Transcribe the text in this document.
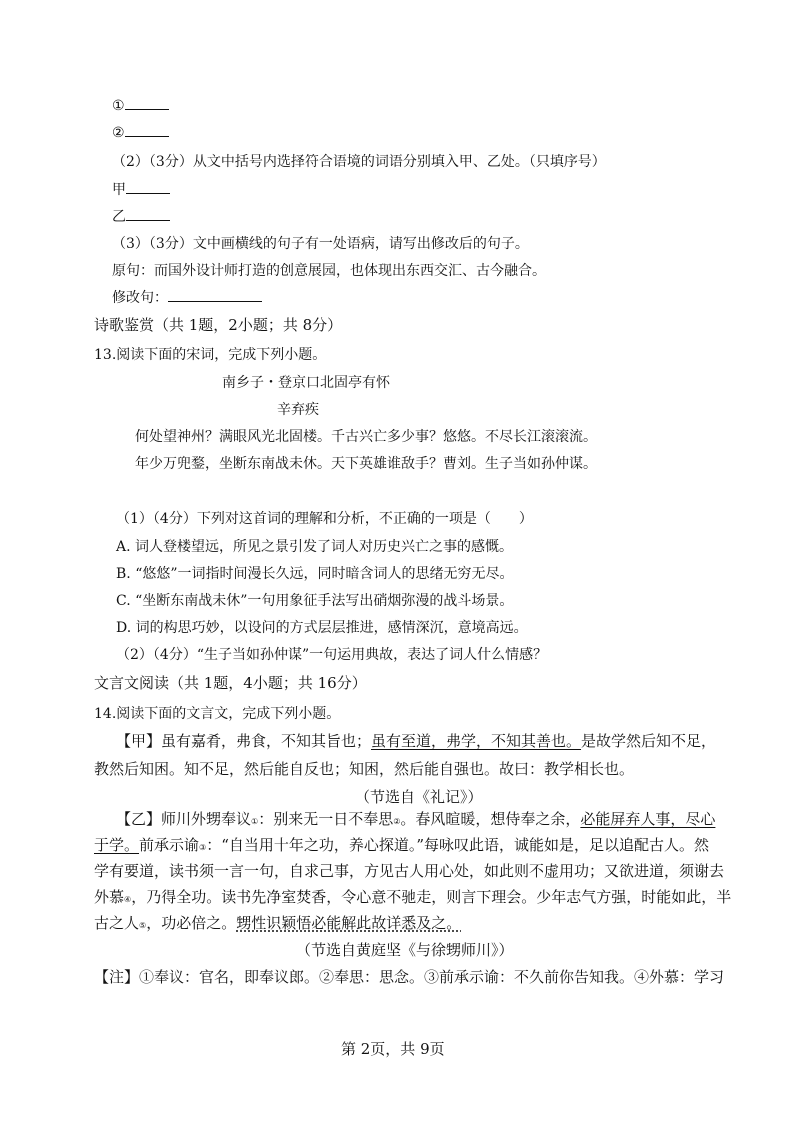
①
②
（2）（3分）从文中括号内选择符合语境的词语分别填入甲、乙处。（只填序号）
甲
乙
（3）（3分）文中画横线的句子有一处语病，请写出修改后的句子。
原句：而国外设计师打造的创意展园，也体现出东西交汇、古今融合。
修改句：
诗歌鉴赏（共 1题，2小题；共 8分）
13.阅读下面的宋词，完成下列小题。
南乡子・登京口北固亭有怀
辛弃疾
何处望神州？满眼风光北固楼。千古兴亡多少事？悠悠。不尽长江滚滚流。
年少万兜鍪，坐断东南战未休。天下英雄谁敌手？曹刘。生子当如孙仲谋。
（1）（4分）下列对这首词的理解和分析，不正确的一项是（　　）
A. 词人登楼望远，所见之景引发了词人对历史兴亡之事的感慨。
B. “悠悠”一词指时间漫长久远，同时暗含词人的思绪无穷无尽。
C. “坐断东南战未休”一句用象征手法写出硝烟弥漫的战斗场景。
D. 词的构思巧妙，以设问的方式层层推进，感情深沉，意境高远。
（2）（4分）“生子当如孙仲谋”一句运用典故，表达了词人什么情感？
文言文阅读（共 1题，4小题；共 16分）
14.阅读下面的文言文，完成下列小题。
【甲】虽有嘉肴，弗食，不知其旨也；虽有至道，弗学，不知其善也。是故学然后知不足，
教然后知困。知不足，然后能自反也；知困，然后能自强也。故曰：教学相长也。
（节选自《礼记》）
【乙】师川外甥奉议①：别来无一日不奉思②。春风暄暖，想侍奉之余，必能屏弃人事，尽心
于学。前承示谕③：“自当用十年之功，养心探道。”每咏叹此语，诚能如是，足以追配古人。然
学有要道，读书须一言一句，自求己事，方见古人用心处，如此则不虚用功；又欲进道，须谢去
外慕④，乃得全功。读书先净室焚香，令心意不驰走，则言下理会。少年志气方强，时能如此，半
古之人⑤，功必倍之。甥性识颖悟必能解此故详悉及之。
（节选自黄庭坚《与徐甥师川》）
【注】①奉议：官名，即奉议郎。②奉思：思念。③前承示谕：不久前你告知我。④外慕：学习
第 2页，共 9页
